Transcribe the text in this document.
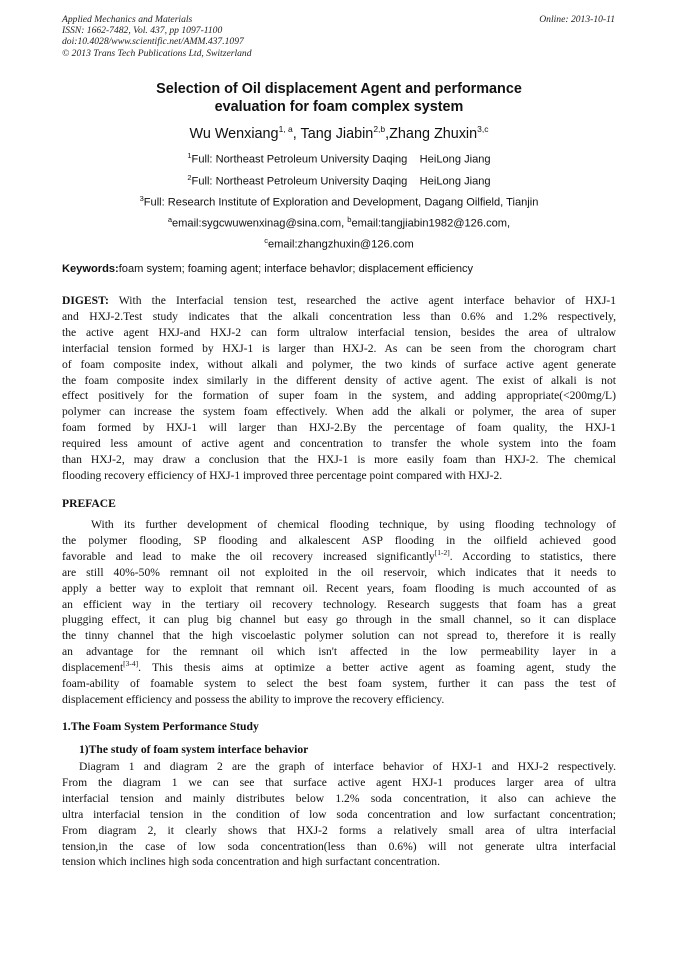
Applied Mechanics and Materials
ISSN: 1662-7482, Vol. 437, pp 1097-1100
doi:10.4028/www.scientific.net/AMM.437.1097
© 2013 Trans Tech Publications Ltd, Switzerland
Online: 2013-10-11
Selection of Oil displacement Agent and performance
evaluation for foam complex system
Wu Wenxiang$^{1, a}$, Tang Jiabin$^{2,b}$,Zhang Zhuxin$^{3,c}$
$^1$Full: Northeast Petroleum University Daqing    HeiLong Jiang
$^2$Full: Northeast Petroleum University Daqing    HeiLong Jiang
$^3$Full: Research Institute of Exploration and Development, Dagang Oilfield, Tianjin
$^a$email:sygcwuwenxinag@sina.com, $^b$email:tangjiabin1982@126.com,
$^c$email:zhangzhuxin@126.com
Keywords:foam system; foaming agent; interface behavlor; displacement efficiency
DIGEST: With the Interfacial tension test, researched the active agent interface behavior of HXJ-1
and HXJ-2.Test study indicates that the alkali concentration less than 0.6% and 1.2% respectively,
the active agent HXJ-and HXJ-2 can form ultralow interfacial tension, besides the area of ultralow
interfacial tension formed by HXJ-1 is larger than HXJ-2. As can be seen from the chorogram chart
of foam composite index, without alkali and polymer, the two kinds of surface active agent generate
the foam composite index similarly in the different density of active agent. The exist of alkali is not
effect positively for the formation of super foam in the system, and adding appropriate(<200mg/L)
polymer can increase the system foam effectively. When add the alkali or polymer, the area of super
foam formed by HXJ-1 will larger than HXJ-2.By the percentage of foam quality, the HXJ-1
required less amount of active agent and concentration to transfer the whole system into the foam
than HXJ-2, may draw a conclusion that the HXJ-1 is more easily foam than HXJ-2. The chemical
flooding recovery efficiency of HXJ-1 improved three percentage point compared with HXJ-2.
PREFACE
With its further development of chemical flooding technique, by using flooding technology of
the polymer flooding, SP flooding and alkalescent ASP flooding in the oilfield achieved good
favorable and lead to make the oil recovery increased significantly[1-2]. According to statistics, there
are still 40%-50% remnant oil not exploited in the oil reservoir, which indicates that it needs to
apply a better way to exploit that remnant oil. Recent years, foam flooding is much accounted of as
an efficient way in the tertiary oil recovery technology. Research suggests that foam has a great
plugging effect, it can plug big channel but easy go through in the small channel, so it can displace
the tinny channel that the high viscoelastic polymer solution can not spread to, therefore it is really
an advantage for the remnant oil which isn't affected in the low permeability layer in a
displacement[3-4]. This thesis aims at optimize a better active agent as foaming agent, study the
foam-ability of foamable system to select the best foam system, further it can pass the test of
displacement efficiency and possess the ability to improve the recovery efficiency.
1.The Foam System Performance Study
1)The study of foam system interface behavior
Diagram 1 and diagram 2 are the graph of interface behavior of HXJ-1 and HXJ-2 respectively.
From the diagram 1 we can see that surface active agent HXJ-1 produces larger area of ultra
interfacial tension and mainly distributes below 1.2% soda concentration, it also can achieve the
ultra interfacial tension in the condition of low soda concentration and low surfactant concentration;
From diagram 2, it clearly shows that HXJ-2 forms a relatively small area of ultra interfacial
tension,in the case of low soda concentration(less than 0.6%) will not generate ultra interfacial
tension which inclines high soda concentration and high surfactant concentration.
